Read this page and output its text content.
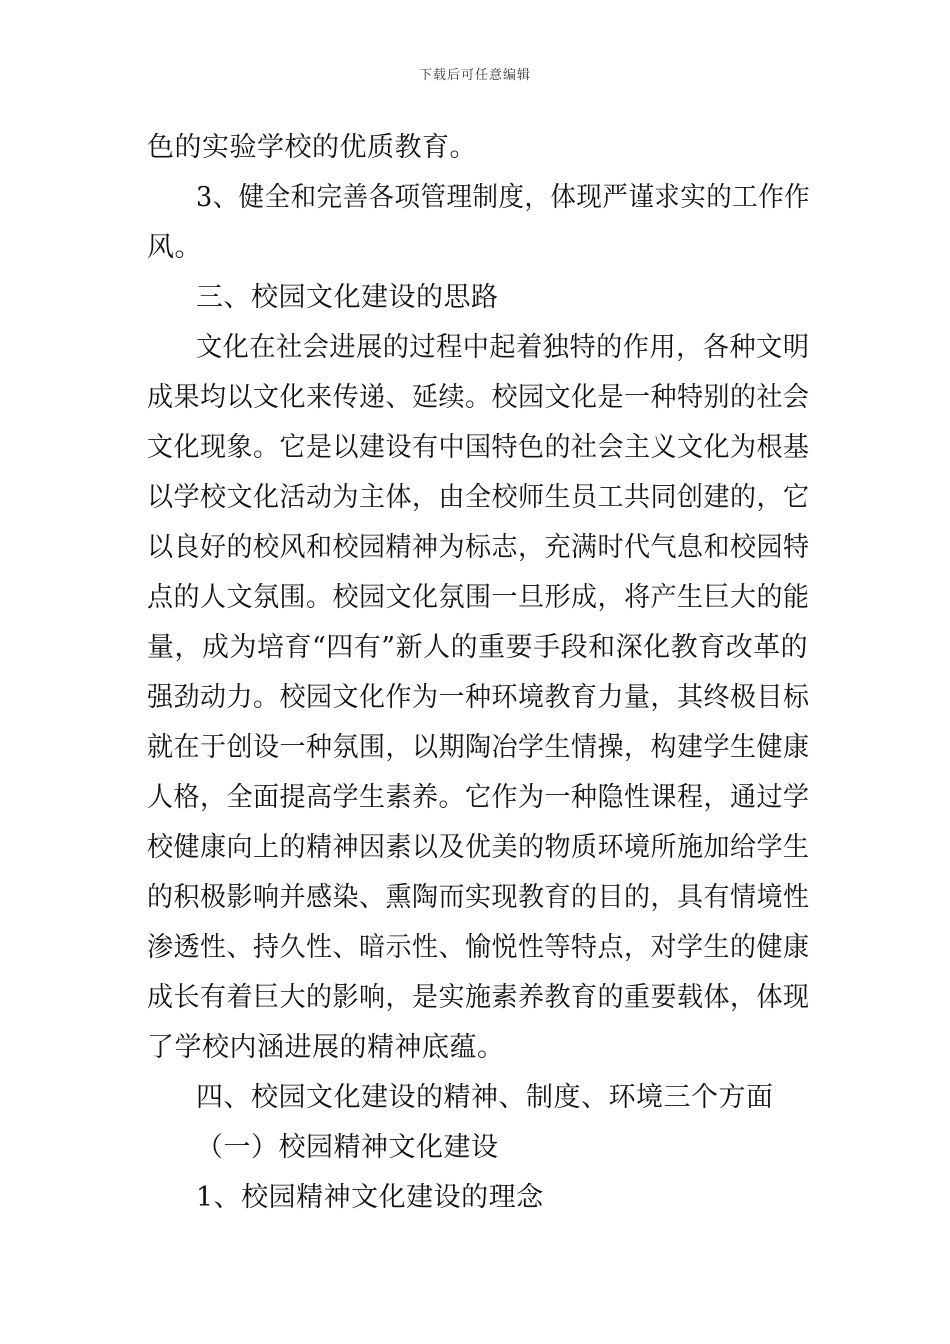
下载后可任意编辑
色的实验学校的优质教育。
3、健全和完善各项管理制度，体现严谨求实的工作作
风。
三、校园文化建设的思路
文化在社会进展的过程中起着独特的作用，各种文明
成果均以文化来传递、延续。校园文化是一种特别的社会
文化现象。它是以建设有中国特色的社会主义文化为根基
以学校文化活动为主体，由全校师生员工共同创建的，它
以良好的校风和校园精神为标志，充满时代气息和校园特
点的人文氛围。校园文化氛围一旦形成，将产生巨大的能
量，成为培育“四有”新人的重要手段和深化教育改革的
强劲动力。校园文化作为一种环境教育力量，其终极目标
就在于创设一种氛围，以期陶冶学生情操，构建学生健康
人格，全面提高学生素养。它作为一种隐性课程，通过学
校健康向上的精神因素以及优美的物质环境所施加给学生
的积极影响并感染、熏陶而实现教育的目的，具有情境性
渗透性、持久性、暗示性、愉悦性等特点，对学生的健康
成长有着巨大的影响，是实施素养教育的重要载体，体现
了学校内涵进展的精神底蕴。
四、校园文化建设的精神、制度、环境三个方面
（一）校园精神文化建设
1、校园精神文化建设的理念
